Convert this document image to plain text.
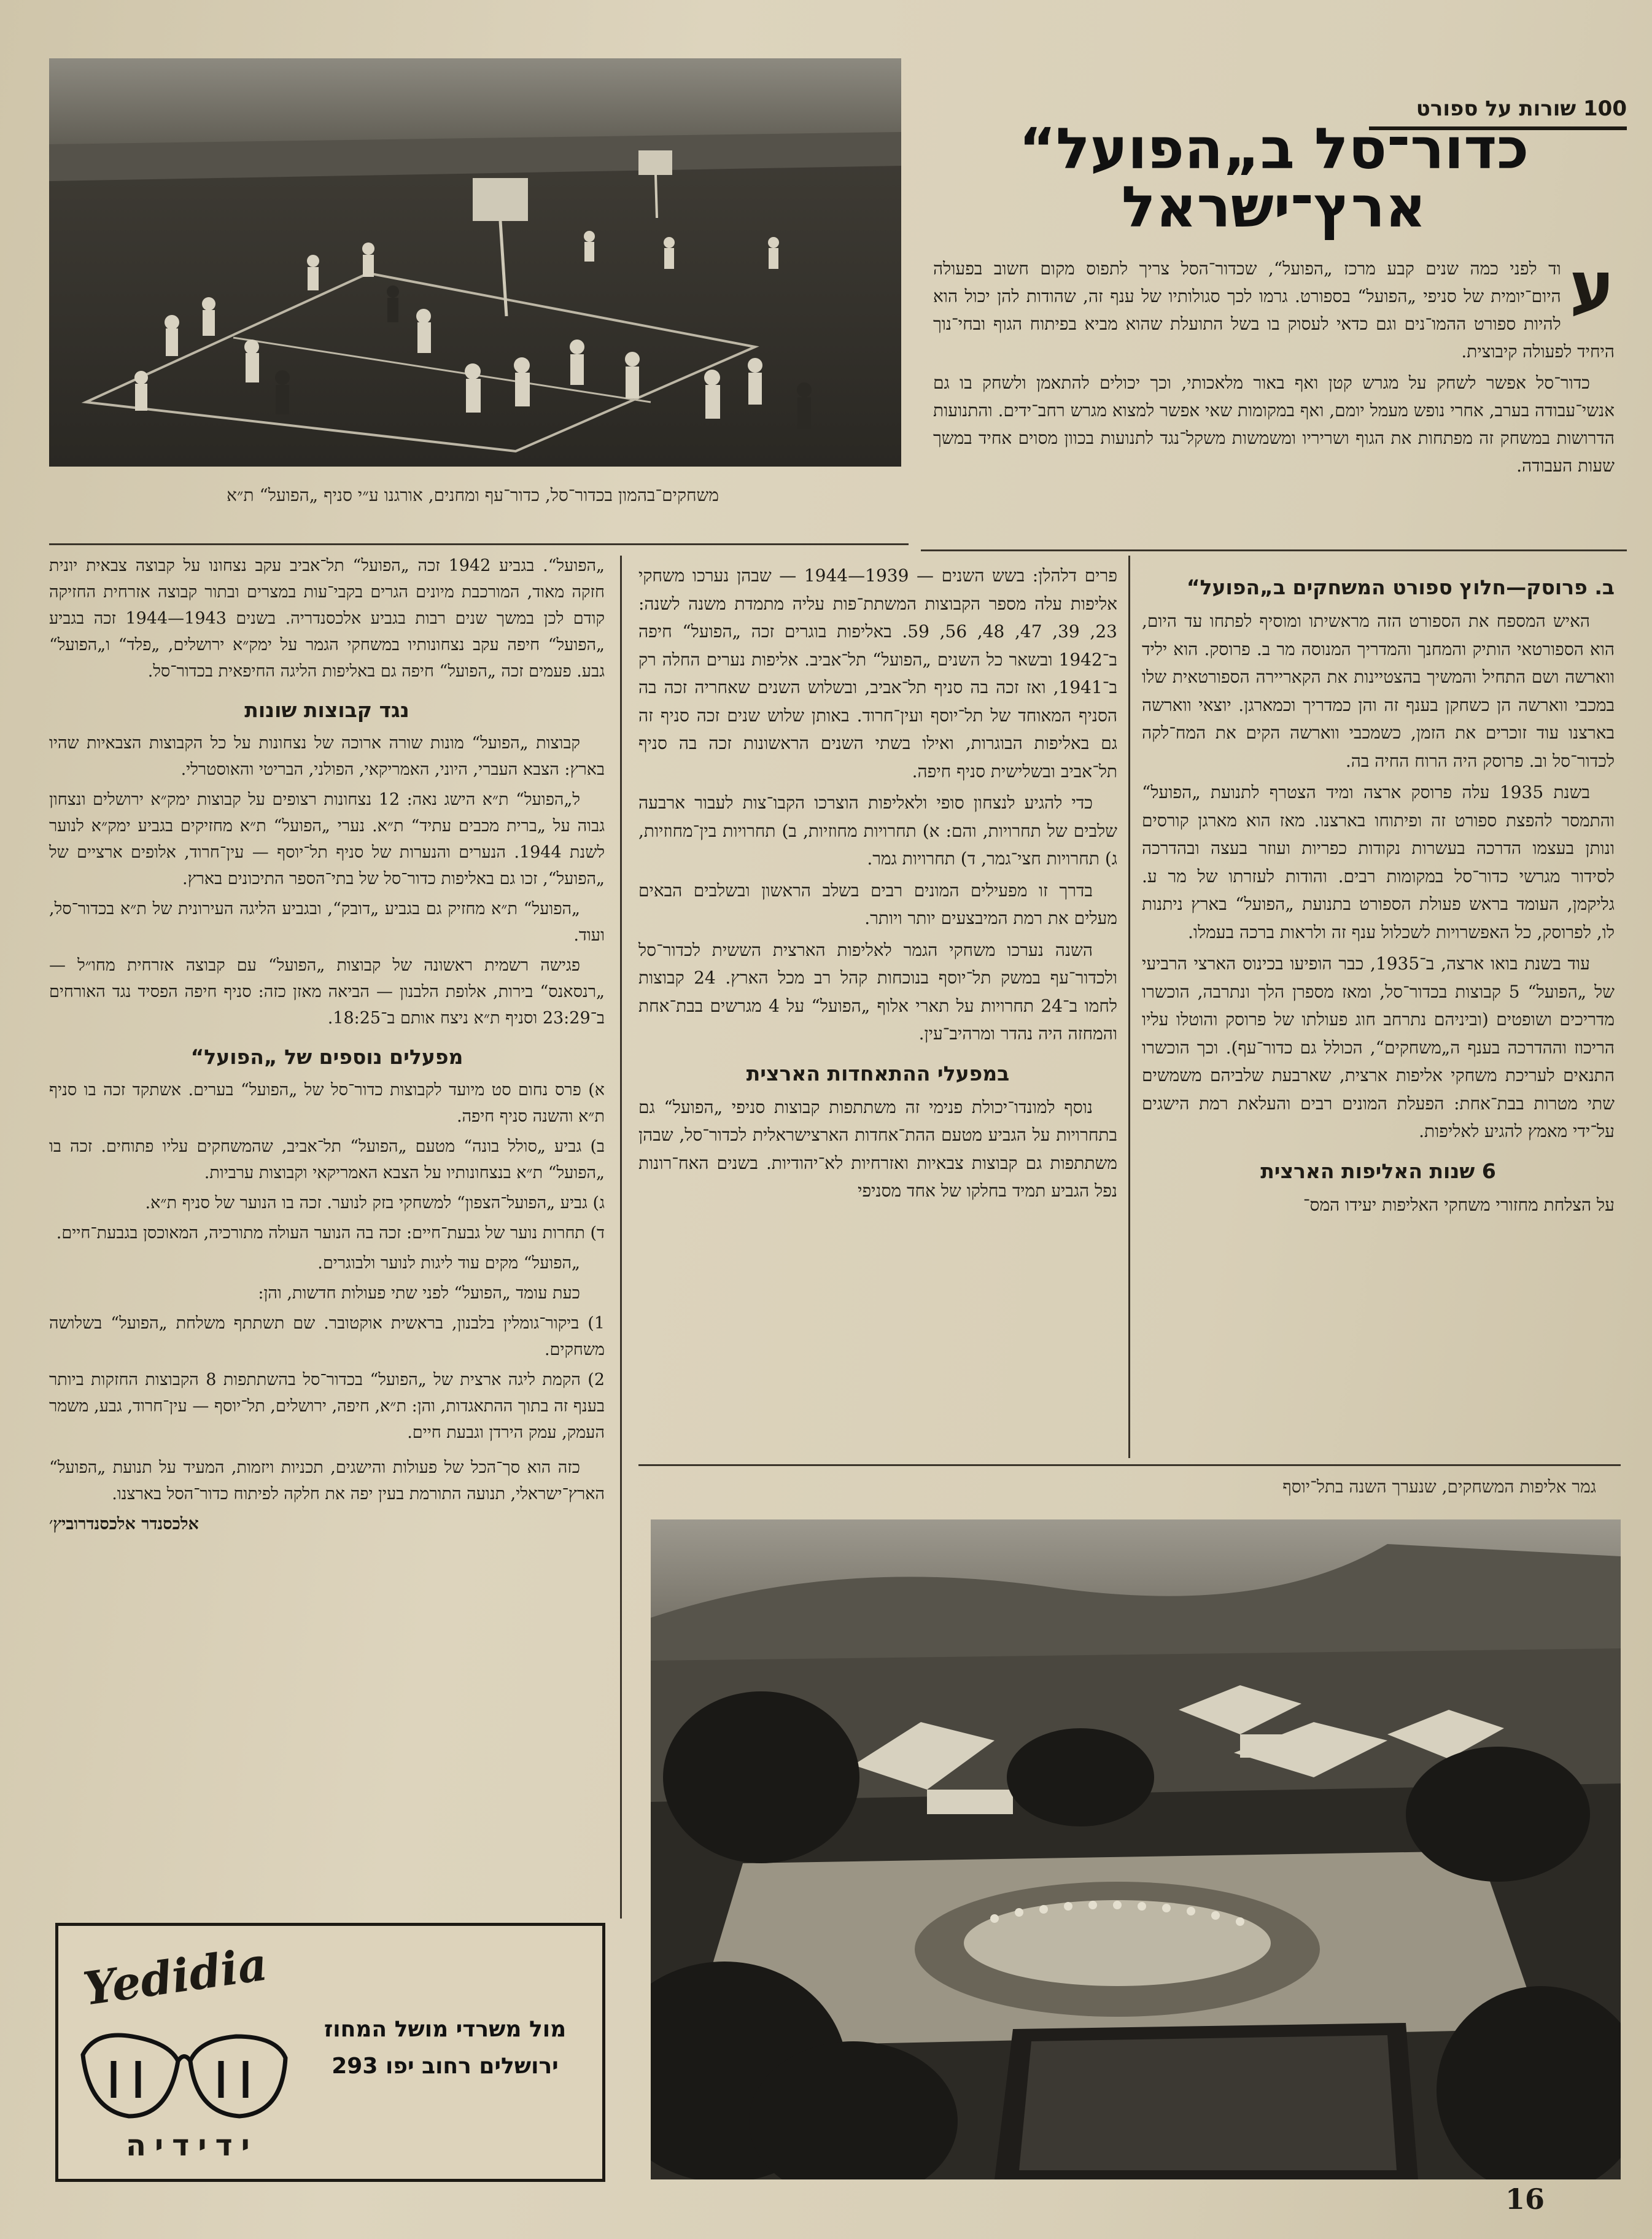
100 שורות על ספורט
משחקים־בהמון בכדור־סל, כדור־עף ומחנים, אורגנו ע״י סניף „הפועל“ ת״א
כדור־סל ב„הפועל“
ארץ־ישראל
ע

וד לפני כמה שנים קבע מרכז „הפועל“, שכדור־הסל צריך לתפוס מקום חשוב בפעולה היום־יומית של סניפי „הפועל“ בספורט. גרמו לכך סגולותיו של ענף זה, שהודות להן יכול הוא להיות ספורט ההמו־נים וגם כדאי לעסוק בו בשל התועלת שהוא מביא בפיתוח הגוף ובחי־נוך היחיד לפעולה קיבוצית.

כדור־סל אפשר לשחק על מגרש קטן ואף באור מלאכותי, וכך יכולים להתאמן ולשחק בו גם אנשי־עבודה בערב, אחרי נופש מעמל יומם, ואף במקומות שאי אפשר למצוא מגרש רחב־ידים. והתנועות הדרושות במשחק זה מפתחות את הגוף ושריריו ומשמשות משקל־נגד לתנועות בכוון מסוים אחיד במשך שעות העבודה.

ב. פרוסק—חלוץ ספורט המשחקים ב„הפועל“

האיש המספח את הספורט הזה מראשיתו ומוסיף לפתחו עד היום, הוא הספורטאי הותיק והמחנך והמדריך המנוסה מר ב. פרוסק. הוא יליד ווארשה ושם התחיל והמשיך בהצטיינות את הקאריירה הספורטאית שלו במכבי ווארשה הן כשחקן בענף זה והן כמדריך וכמארגן. יוצאי ווארשה בארצנו עוד זוכרים את הזמן, כשמכבי ווארשה הקים את המח־לקה לכדור־סל וב. פרוסק היה הרוח החיה בה.

בשנת 1935 עלה פרוסק ארצה ומיד הצטרף לתנועת „הפועל“ והתמסר להפצת ספורט זה ופיתוחו בארצנו. מאז הוא מארגן קורסים ונותן בעצמו הדרכה בעשרות נקודות כפריות ועוזר בעצה ובהדרכה לסידור מגרשי כדור־סל במקומות רבים. והודות לעזרתו של מר ע. גליקמן, העומד בראש פעולת הספורט בתנועת „הפועל“ בארץ ניתנות לו, לפרוסק, כל האפשרויות לשכלול ענף זה ולראות ברכה בעמלו.

עוד בשנת בואו ארצה, ב־1935, כבר הופיעו בכינוס הארצי הרביעי של „הפועל“ 5 קבוצות בכדור־סל, ומאז מספרן הלך ונתרבה, הוכשרו מדריכים ושופטים (וביניהם נתרחב חוג פעולתו של פרוסק והוטלו עליו הריכוז וההדרכה בענף ה„משחקים“, הכולל גם כדור־עף). וכך הוכשרו התנאים לעריכת משחקי אליפות ארצית, שארבעת שלביהם משמשים שתי מטרות בבת־אחת: הפעלת המונים רבים והעלאת רמת הישגים על־ידי מאמץ להגיע לאליפות.

6 שנות האליפות הארצית

על הצלחת מחזורי משחקי האליפות יעידו המס־

פרים דלהלן: בשש השנים — 1939—1944 — שבהן נערכו משחקי אליפות עלה מספר הקבוצות המשתת־פות עליה מתמדת משנה לשנה: 23, 39, 47, 48, 56, 59. באליפות בוגרים זכה „הפועל“ חיפה ב־1942 ובשאר כל השנים „הפועל“ תל־אביב. אליפות נערים החלה רק ב־1941, ואז זכה בה סניף תל־אביב, ובשלוש השנים שאחריה זכה בה הסניף המאוחד של תל־יוסף ועין־חרוד. באותן שלוש שנים זכה סניף זה גם באליפות הבוגרות, ואילו בשתי השנים הראשונות זכה בה סניף תל־אביב ובשלישית סניף חיפה.

כדי להגיע לנצחון סופי ולאליפות הוצרכו הקבו־צות לעבור ארבעה שלבים של תחרויות, והם: א) תחרויות מחוזיות, ב) תחרויות בין־מחוזיות, ג) תחרויות חצי־גמר, ד) תחרויות גמר.

בדרך זו מפעילים המונים רבים בשלב הראשון ובשלבים הבאים מעלים את רמת המיבצעים יותר ויותר.

השנה נערכו משחקי הגמר לאליפות הארצית הששית לכדור־סל ולכדור־עף במשק תל־יוסף בנוכחות קהל רב מכל הארץ. 24 קבוצות לחמו ב־24 תחרויות על תארי אלוף „הפועל“ על 4 מגרשים בבת־אחת והמחזה היה נהדר ומרהיב־עין.

במפעלי ההתאחדות הארצית

נוסף למונדו־יכולת פנימי זה משתתפות קבוצות סניפי „הפועל“ גם בתחרויות על הגביע מטעם ההת־אחדות הארצישראלית לכדור־סל, שבהן משתתפות גם קבוצות צבאיות ואזרחיות לא־יהודיות. בשנים האח־רונות נפל הגביע תמיד בחלקו של אחד מסניפי

„הפועל“. בגביע 1942 זכה „הפועל“ תל־אביב עקב נצחונו על קבוצה צבאית יונית חזקה מאוד, המורכבת מיונים הגרים בקבי־עות במצרים ובתור קבוצה אזרחית החזיקה קודם לכן במשך שנים רבות בגביע אלכסנדריה. בשנים 1943—1944 זכה בגביע „הפועל“ חיפה עקב נצחונותיו במשחקי הגמר על ימק״א ירושלים, „פלד“ ו„הפועל“ גבע. פעמים זכה „הפועל“ חיפה גם באליפות הליגה החיפאית בכדור־סל.

נגד קבוצות שונות

קבוצות „הפועל“ מונות שורה ארוכה של נצחונות על כל הקבוצות הצבאיות שהיו בארץ: הצבא העברי, היוני, האמריקאי, הפולני, הבריטי והאוסטרלי.

ל„הפועל“ ת״א הישג נאה: 12 נצחונות רצופים על קבוצות ימק״א ירושלים ונצחון גבוה על „ברית מכבים עתיד“ ת״א. נערי „הפועל“ ת״א מחזיקים בגביע ימק״א לנוער לשנת 1944. הנערים והנערות של סניף תל־יוסף — עין־חרוד, אלופים ארציים של „הפועל“, זכו גם באליפות כדור־סל של בתי־הספר התיכונים בארץ.

„הפועל“ ת״א מחזיק גם בגביע „דובק“, ובגביע הליגה העירונית של ת״א בכדור־סל, ועוד.

פגישה רשמית ראשונה של קבוצות „הפועל“ עם קבוצה אזרחית מחו״ל — „רנסאנס“ בירות, אלופת הלבנון — הביאה מאזן כזה: סניף חיפה הפסיד נגד האורחים ב־23:29 וסניף ת״א ניצח אותם ב־18:25.

מפעלים נוספים של „הפועל“

א) פרס נחום סט מיועד לקבוצות כדור־סל של „הפועל“ בערים. אשתקד זכה בו סניף ת״א והשנה סניף חיפה.

ב) גביע „סולל בונה“ מטעם „הפועל“ תל־אביב, שהמשחקים עליו פתוחים. זכה בו „הפועל“ ת״א בנצחונותיו על הצבא האמריקאי וקבוצות ערביות.

ג) גביע „הפועל־הצפון“ למשחקי בזק לנוער. זכה בו הנוער של סניף ת״א.

ד) תחרות נוער של גבעת־חיים: זכה בה הנוער העולה מתורכיה, המאוכסן בגבעת־חיים.

„הפועל“ מקים עוד ליגות לנוער ולבוגרים.

כעת עומד „הפועל“ לפני שתי פעולות חדשות, והן:

1) ביקור־גומלין בלבנון, בראשית אוקטובר. שם תשתתף משלחת „הפועל“ בשלושה משחקים.

2) הקמת ליגה ארצית של „הפועל“ בכדור־סל בהשתתפות 8 הקבוצות החזקות ביותר בענף זה בתוך ההתאגדות, והן: ת״א, חיפה, ירושלים, תל־יוסף — עין־חרוד, גבע, משמר העמק, עמק הירדן וגבעת חיים.

כזה הוא סך־הכל של פעולות והישגים, תכניות ויזמות, המעיד על תנועת „הפועל“ הארץ־ישראלי, תנועה התורמת בעין יפה את חלקה לפיתוח כדור־הסל בארצנו.

אלכסנדר אלכסנדרוביץ׳

גמר אליפות המשחקים, שנערך השנה בתל־יוסף
Yedidia
ידידיה
מול משרדי מושל המחוז
ירושלים רחוב יפו 293
16
